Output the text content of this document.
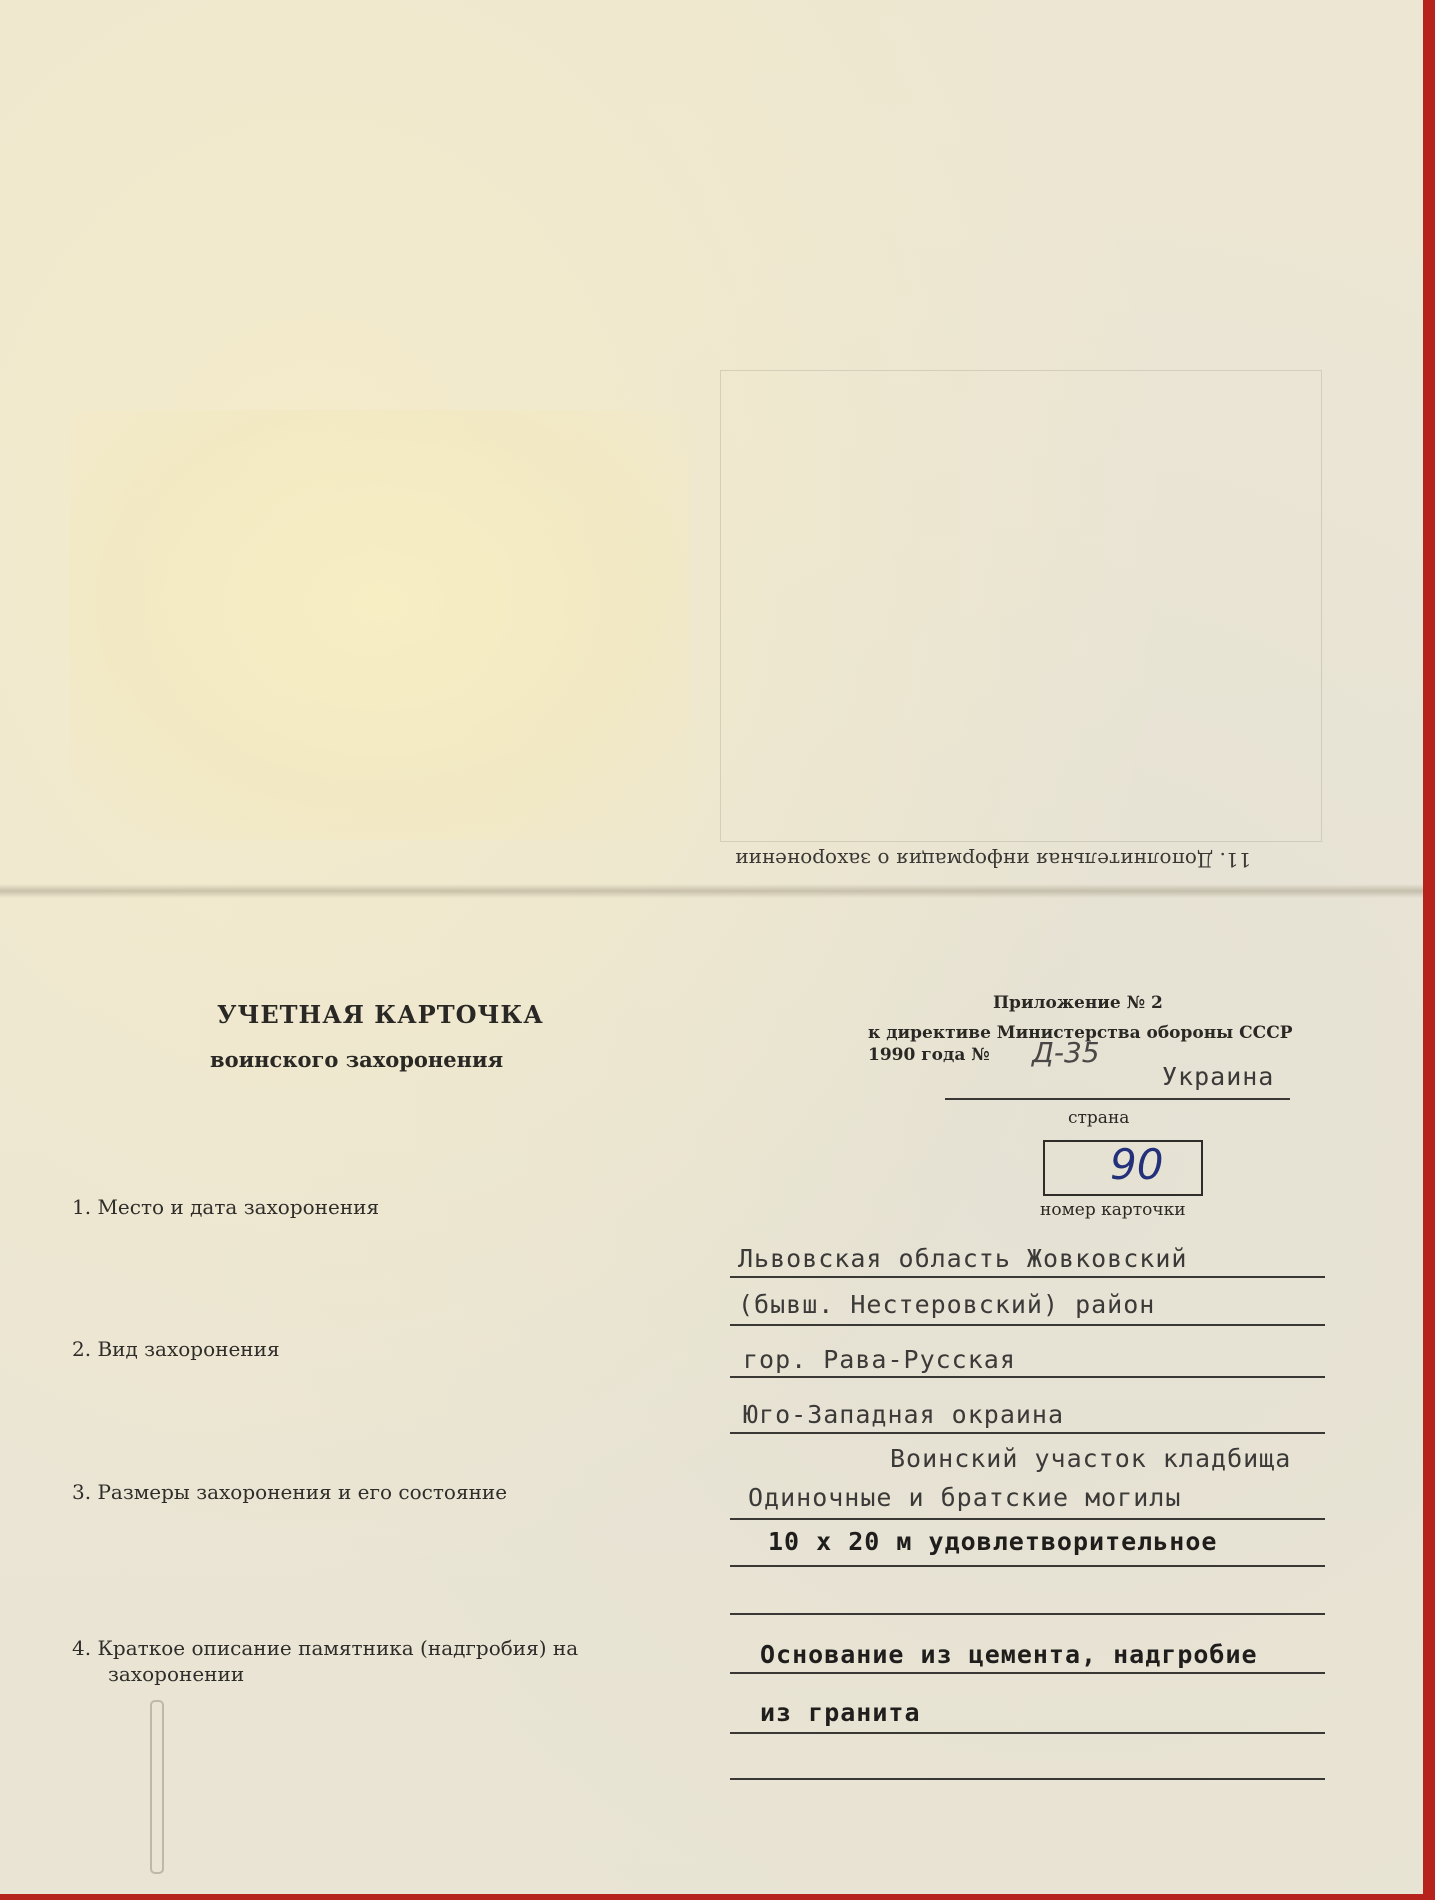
11. Дополнительная информация о захоронении
УЧЕТНАЯ КАРТОЧКА
воинского захоронения
Приложение № 2
к директиве Министерства обороны СССР
1990 года № Д-35
Украина
страна
90
номер карточки
1. Место и дата захоронения
2. Вид захоронения
3. Размеры захоронения и его состояние
4. Краткое описание памятника (надгробия) на
захоронении
Львовская область Жовковский
(бывш. Нестеровский) район
гор. Рава-Русская
Юго-Западная окраина
Воинский участок кладбища
Одиночные и братские могилы
10 х 20 м удовлетворительное
Основание из цемента, надгробие
из гранита
